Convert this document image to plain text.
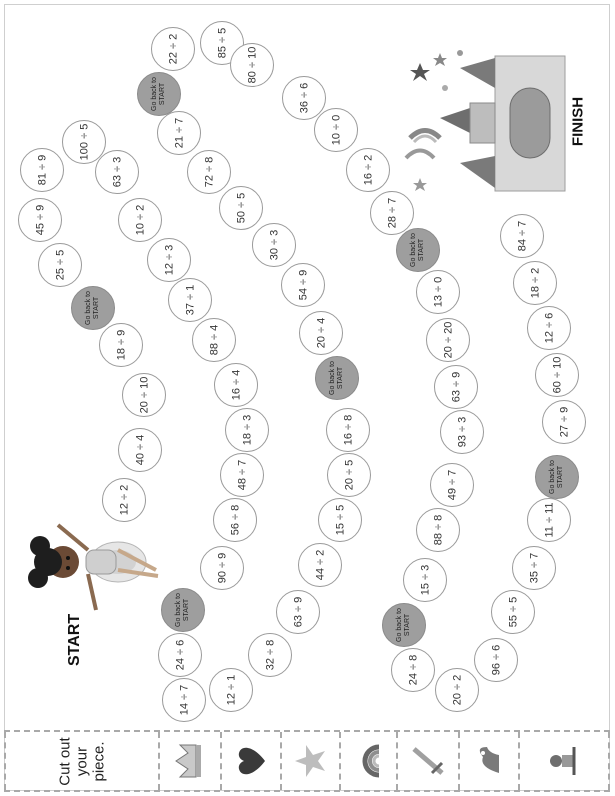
START
FINISH
Cut out your piece.
14 ÷ 7
24 ÷ 6
Go back to START
90 ÷ 9
56 ÷ 8
48 ÷ 7
18 ÷ 3
16 ÷ 4
88 ÷ 4
37 ÷ 1
12 ÷ 3
10 ÷ 2
63 ÷ 3
100 ÷ 5
81 ÷ 9
45 ÷ 9
25 ÷ 5
Go back to START
18 ÷ 9
20 ÷ 10
40 ÷ 4
12 ÷ 2
12 ÷ 1
32 ÷ 8
63 ÷ 9
44 ÷ 2
15 ÷ 5
20 ÷ 5
16 ÷ 8
Go back to START
20 ÷ 4
54 ÷ 9
30 ÷ 3
50 ÷ 5
72 ÷ 8
21 ÷ 7
Go back to START
22 ÷ 2	85 ÷ 5
80 ÷ 10
36 ÷ 6
10 ÷ 0
16 ÷ 2
28 ÷ 7
Go back to START
13 ÷ 0
20 ÷ 20
63 ÷ 9
93 ÷ 3
49 ÷ 7
88 ÷ 8
15 ÷ 3
Go back to START
24 ÷ 8
20 ÷ 2
96 ÷ 6
55 ÷ 5
35 ÷ 7
11 ÷ 11
Go back to START
27 ÷ 9
60 ÷ 10
12 ÷ 6
18 ÷ 2
84 ÷ 7
